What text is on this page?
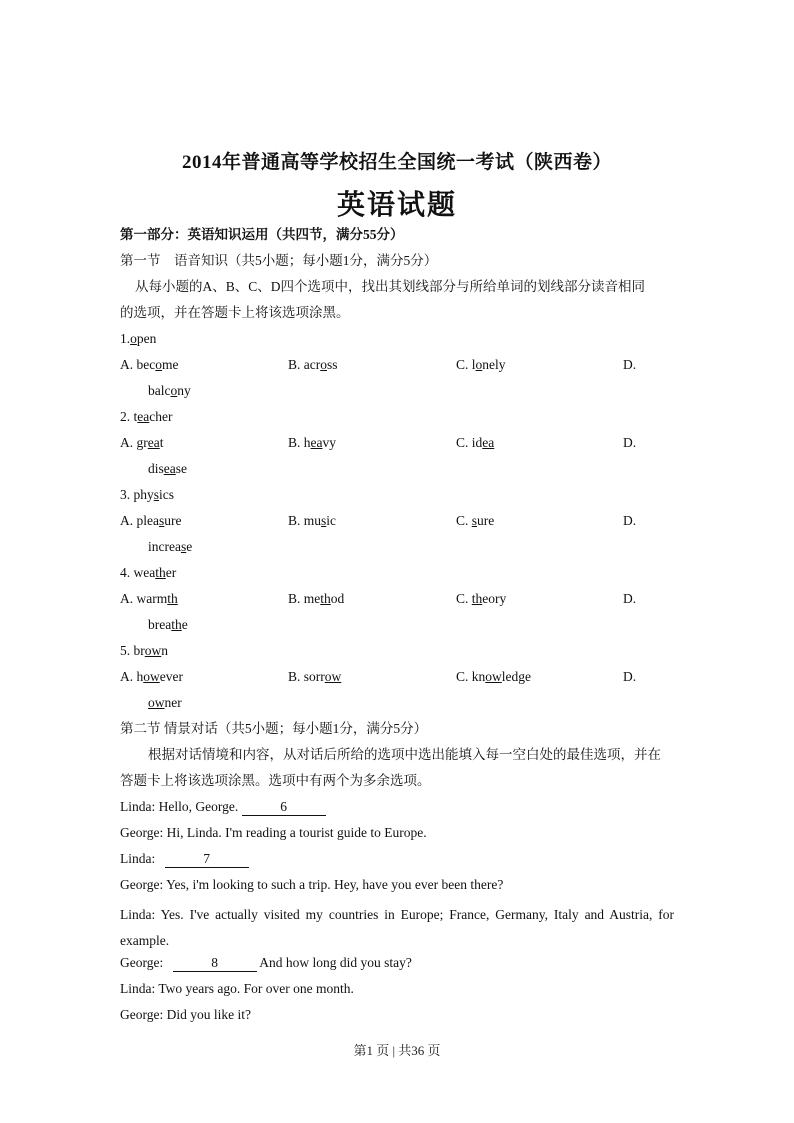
2014年普通高等学校招生全国统一考试（陕西卷）
英语试题
第一部分：英语知识运用（共四节，满分55分）
第一节　语音知识（共5小题；每小题1分，满分5分）
从每小题的A、B、C、D四个选项中，找出其划线部分与所给单词的划线部分读音相同
的选项，并在答题卡上将该选项涂黑。
1.open
A. become	B. across	C. lonely	D.
balcony
2. teacher
A. great	B. heavy	C. idea	D.
disease
3. physics
A. pleasure	B. music	C. sure	D.
increase
4. weather
A. warmth	B. method	C. theory	D.
breathe
5. brown
A. however	B. sorrow	C. knowledge	D.
owner
第二节 情景对话（共5小题；每小题1分，满分5分）
根据对话情境和内容，从对话后所给的选项中选出能填入每一空白处的最佳选项，并在
答题卡上将该选项涂黑。选项中有两个为多余选项。
Linda: Hello, George.	6
George: Hi, Linda. I'm reading a tourist guide to Europe.
Linda:	7
George: Yes, i'm looking to such a trip. Hey, have you ever been there?
Linda: Yes. I've actually visited my countries in Europe; France, Germany, Italy and Austria, for example.
George:	8	And how long did you stay?
Linda: Two years ago. For over one month.
George: Did you like it?
第1 页 | 共36 页
